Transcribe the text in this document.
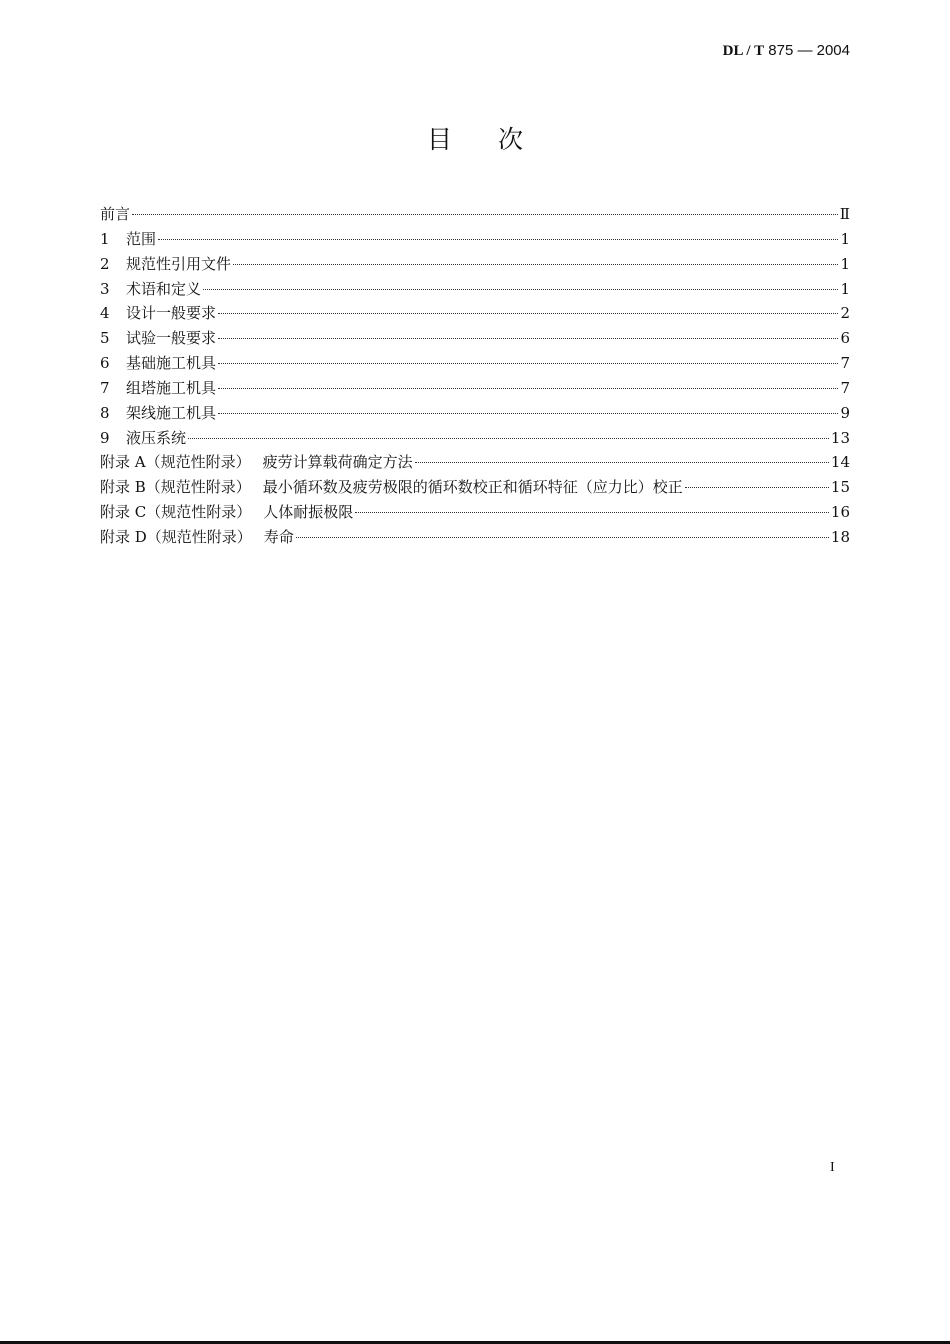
DL / T 875 — 2004
目次
前言	Ⅱ
1	范围	1
2	规范性引用文件	1
3	术语和定义	1
4	设计一般要求	2
5	试验一般要求	6
6	基础施工机具	7
7	组塔施工机具	7
8	架线施工机具	9
9	液压系统	13
附录 A（规范性附录） 疲劳计算载荷确定方法	14
附录 B（规范性附录） 最小循环数及疲劳极限的循环数校正和循环特征（应力比）校正	15
附录 C（规范性附录） 人体耐振极限	16
附录 D（规范性附录） 寿命	18
I
